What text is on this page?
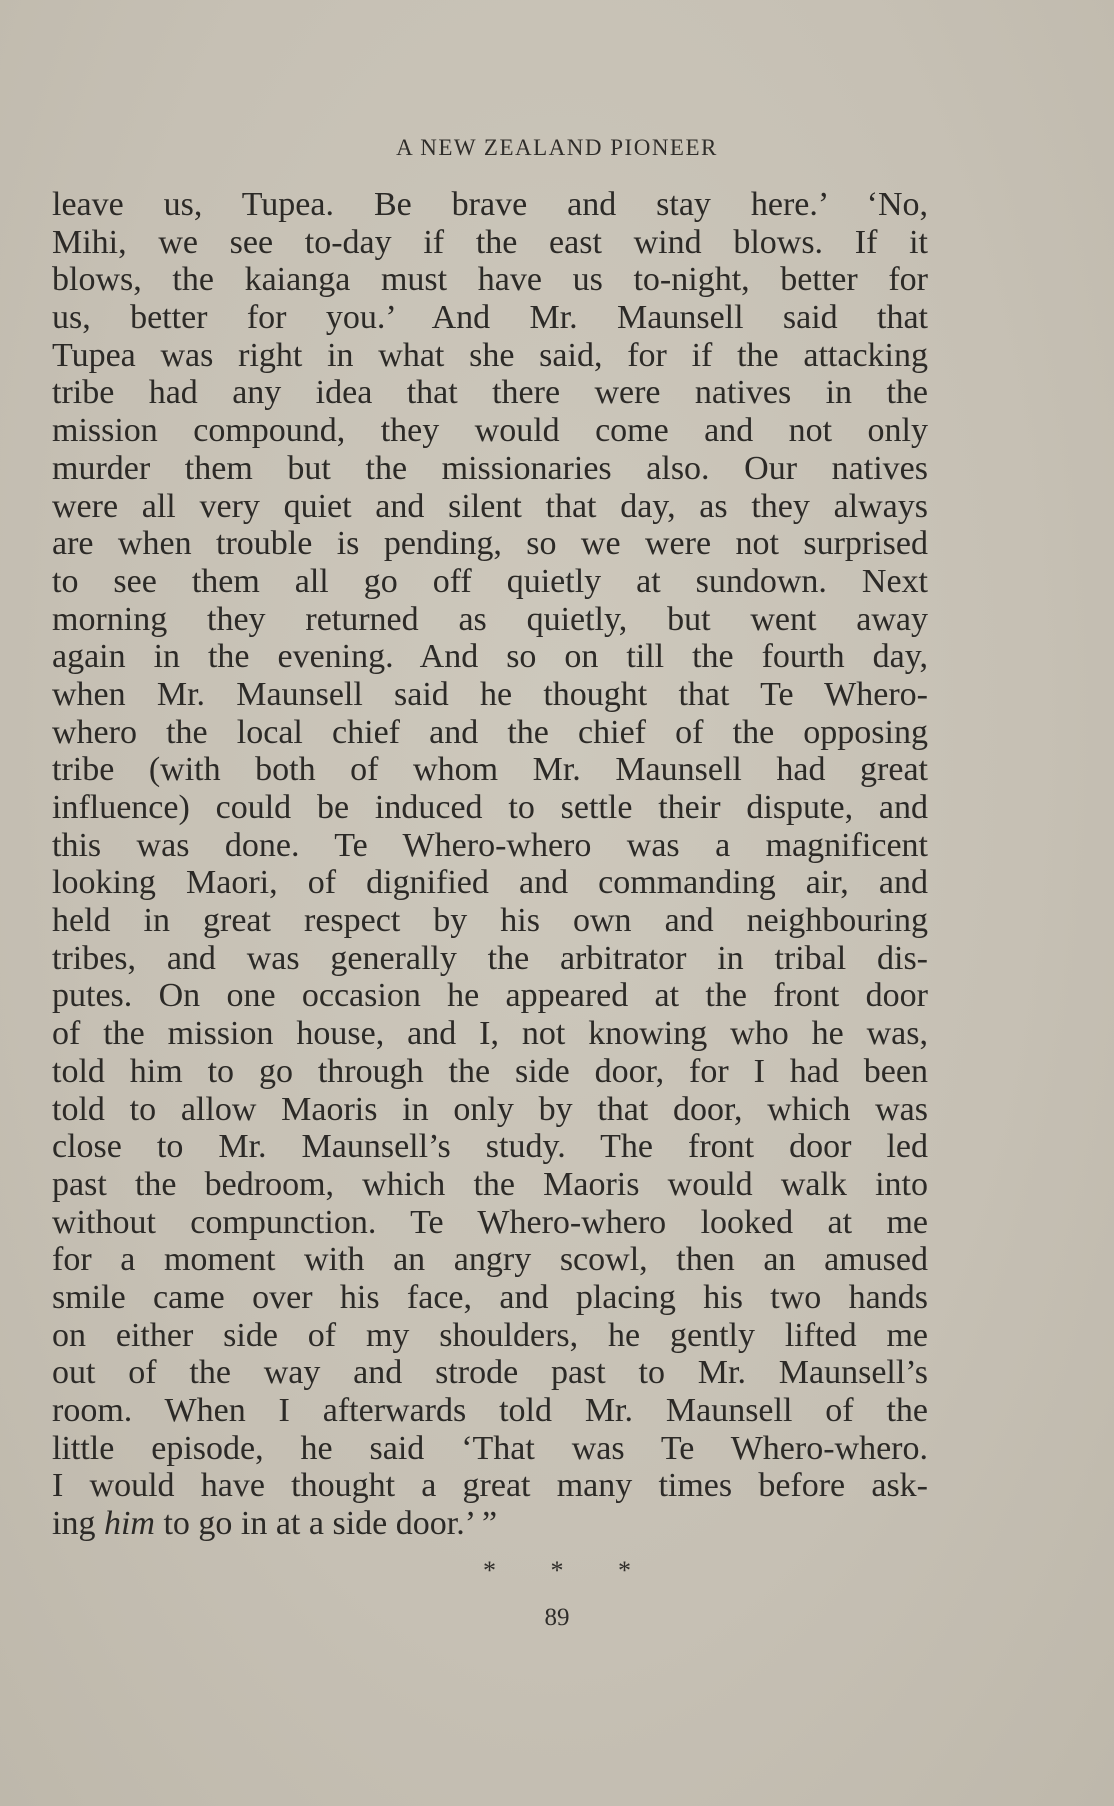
A NEW ZEALAND PIONEER
leave us, Tupea. Be brave and stay here.’ ‘No,
Mihi, we see to-day if the east wind blows. If it
blows, the kaianga must have us to-night, better for
us, better for you.’ And Mr. Maunsell said that
Tupea was right in what she said, for if the attacking
tribe had any idea that there were natives in the
mission compound, they would come and not only
murder them but the missionaries also. Our natives
were all very quiet and silent that day, as they always
are when trouble is pending, so we were not surprised
to see them all go off quietly at sundown. Next
morning they returned as quietly, but went away
again in the evening. And so on till the fourth day,
when Mr. Maunsell said he thought that Te Whero-
whero the local chief and the chief of the opposing
tribe (with both of whom Mr. Maunsell had great
influence) could be induced to settle their dispute, and
this was done. Te Whero-whero was a magnificent
looking Maori, of dignified and commanding air, and
held in great respect by his own and neighbouring
tribes, and was generally the arbitrator in tribal dis-
putes. On one occasion he appeared at the front door
of the mission house, and I, not knowing who he was,
told him to go through the side door, for I had been
told to allow Maoris in only by that door, which was
close to Mr. Maunsell’s study. The front door led
past the bedroom, which the Maoris would walk into
without compunction. Te Whero-whero looked at me
for a moment with an angry scowl, then an amused
smile came over his face, and placing his two hands
on either side of my shoulders, he gently lifted me
out of the way and strode past to Mr. Maunsell’s
room. When I afterwards told Mr. Maunsell of the
little episode, he said ‘That was Te Whero-whero.
I would have thought a great many times before ask-
ing him to go in at a side door.’ ”
* * *
89
